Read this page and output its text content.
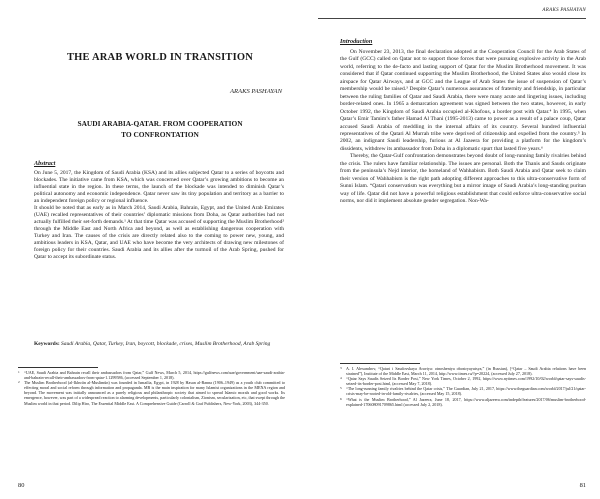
THE ARAB WORLD IN TRANSITION
ARAKS PASHAYAN
SAUDI ARABIA-QATAR. FROM COOPERATION
TO CONFRONTATION
Abstract

On June 5, 2017, the Kingdom of Saudi Arabia (KSA) and its allies subjected Qatar to a series of boycotts and blockades. The initiative came from KSA, which was concerned over Qatar’s growing ambitions to become an influential state in the region. In these terms, the launch of the blockade was intended to diminish Qatar’s political autonomy and economic independence. Qatar never saw its tiny population and territory as a barrier to an independent foreign policy or regional influence.

It should be noted that as early as in March 2014, Saudi Arabia, Bahrain, Egypt, and the United Arab Emirates (UAE) recalled representatives of their countries’ diplomatic missions from Doha, as Qatar authorities had not actually fulfilled their set-forth demands.¹ At that time Qatar was accused of supporting the Muslim Brotherhood² through the Middle East and North Africa and beyond, as well as establishing dangerous cooperation with Turkey and Iran. The causes of the crisis are directly related also to the coming to power new, young, and ambitious leaders in KSA, Qatar, and UAE who have become the very architects of drawing new milestones of foreign policy for their countries. Saudi Arabia and its allies after the turmoil of the Arab Spring, pushed for Qatar to accept its subordinate status.

Keywords: Saudi Arabia, Qatar, Turkey, Iran, boycott, blockade, crises, Muslim Brotherhood, Arab Spring
1	“UAE, Saudi Arabia and Bahrain recall their ambassadors from Qatar,” Gulf News, March 5, 2014, https://gulfnews.com/uae/government/uae-saudi-arabia-and-bahrain-recall-their-ambassadors-from-qatar-1.1299586, (accessed September 1, 2018).
2	The Muslim Brotherhood (al-Ikhwān al-Muslimūn) was founded in Ismailia, Egypt, in 1928 by Hasan al-Banna (1906–1949) as a youth club committed to effecting moral and social reform through information and propaganda. MB is the main inspiration for many Islamist organizations in the MENA region and beyond. The movement was initially announced as a purely religious and philanthropic society that aimed to spread Islamic morals and good works. Its emergence, however, was part of a widespread reaction to alarming developments, particularly colonialism, Zionism, secularization, etc, that swept through the Muslim world in that period. Dilip Hiro, The Essential Middle East. A Comprehensive Guide (Carroll & Graf Publishers, New-York, 2003), 344-350.
80
ARAKS PASHAYAN
Introduction

On November 23, 2013, the final declaration adopted at the Cooperation Council for the Arab States of the Gulf (GCC) called on Qatar not to support those forces that were pursuing explosive activity in the Arab world, referring to the de-facto and lasting support of Qatar for the Muslim Brotherhood movement. It was considered that if Qatar continued supporting the Muslim Brotherhood, the United States also would close its airspace for Qatar Airways, and at GCC and the League of Arab States the issue of suspension of Qatar’s membership would be raised.³ Despite Qatar’s numerous assurances of fraternity and friendship, in particular between the ruling families of Qatar and Saudi Arabia, there were many acute and lingering issues, including border-related ones. In 1965 a demarcation agreement was signed between the two states, however, in early October 1992, the Kingdom of Saudi Arabia occupied al-Khofous, a border post with Qatar.⁴ In 1995, when Qatar’s Emir Tamim’s father Hamad Al Thani (1995-2013) came to power as a result of a palace coup, Qatar accused Saudi Arabia of meddling in the internal affairs of its country. Several hundred influential representatives of the Qatari Al Murrah tribe were deprived of citizenship and expelled from the country.⁵ In 2002, an indignant Saudi leadership, furious at Al Jazeera for providing a platform for the kingdom’s dissidents, withdrew its ambassador from Doha in a diplomatic spurt that lasted five years.⁶

Thereby, the Qatar-Gulf confrontation demonstrates beyond doubt of long-running family rivalries behind the crisis. The rulers have familiar relationship. The issues are personal. Both the Thanis and Sauds originate from the peninsula’s Nejd interior, the homeland of Wahhabism. Both Saudi Arabia and Qatar seek to claim their version of Wahhabism is the right path adopting different approaches to this ultra-conservative form of Sunni Islam. “Qatari conservatism was everything but a mirror image of Saudi Arabia’s long-standing puritan way of life. Qatar did not have a powerful religious establishment that could enforce ultra-conservative social norms, nor did it implement absolute gender segregation. Non-Wa-

3	A. I. Alexandrov, “Qatari i Saudovskaya Araviya: otnosheniya obostryayutsya,” (in Russian), [“Qatar – Saudi Arabia relations have been strained”], Institute of the Middle East, March 11, 2014, http://www.iimes.ru/?p=20224, (accessed July 27, 2018).
4	“Qatar Says Saudis Seized Its Border Post,” New York Times, October 2, 1992, https://www.nytimes.com/1992/10/02/world/qatar-says-saudis-seized-its-border-post.html, (accessed May 7, 2018).
5	“The long-running family rivalries behind the Qatar crisis,” The Guardian, July 21, 2017, https://www.theguardian.com/world/2017/jul/21/qatar-crisis-may-be-rooted-in-old-family-rivalries, (accessed May 15, 2018).
6	“What is the Muslim Brotherhood,” Al Jazeera, June 18, 2017, https://www.aljazeera.com/indepth/features/2017/06/muslim-brotherhood-explained-170608091709865.html (accessed July 2, 2018).
81
